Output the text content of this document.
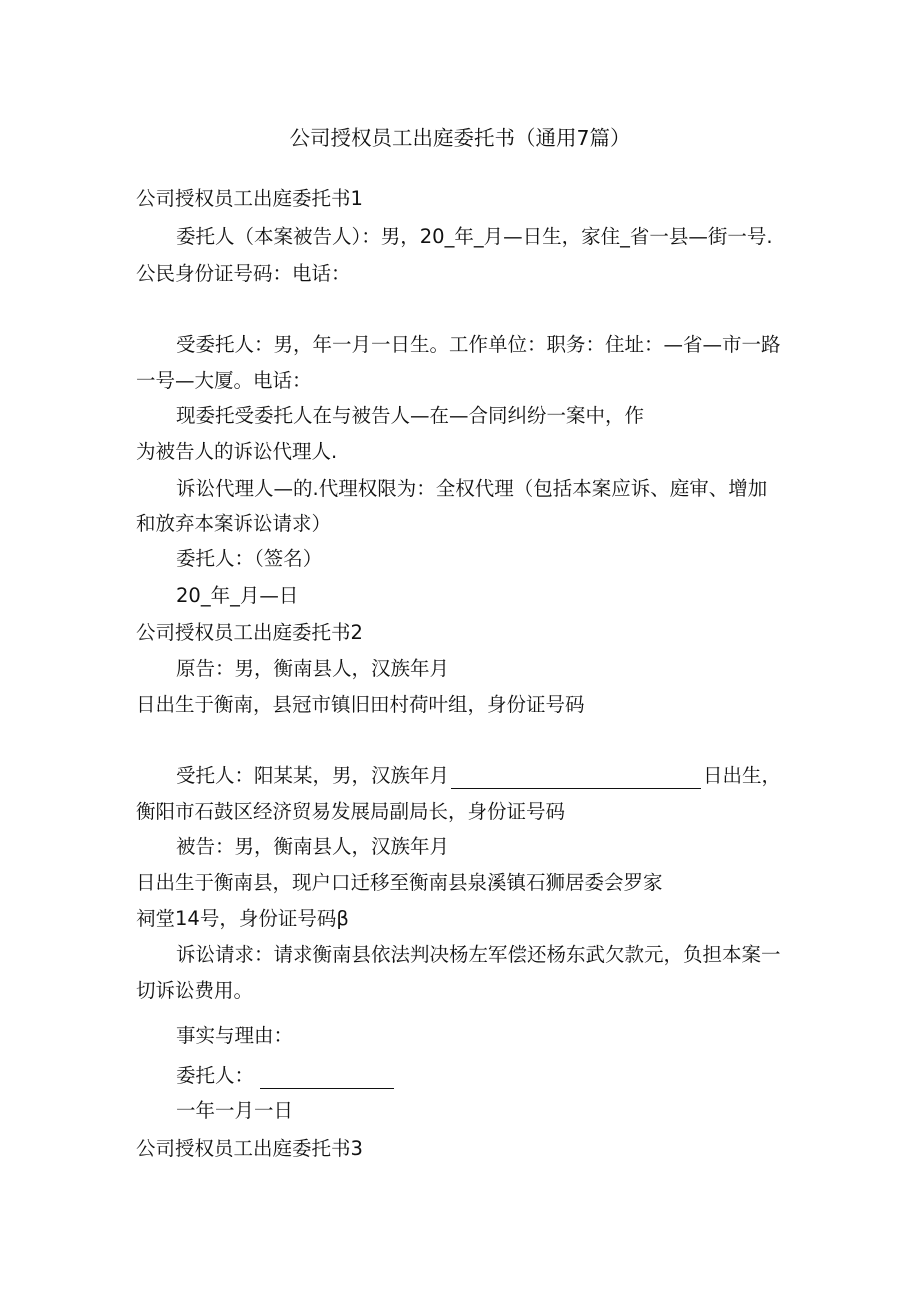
公司授权员工出庭委托书（通用7篇）
公司授权员工出庭委托书1
委托人（本案被告人）：男，20_年_月—日生，家住_省一县—街一号.
公民身份证号码：电话：
受委托人：男，年一月一日生。工作单位：职务：住址：—省—市一路
一号—大厦。电话：
现委托受委托人在与被告人—在—合同纠纷一案中，作
为被告人的诉讼代理人.
诉讼代理人—的.代理权限为：全权代理（包括本案应诉、庭审、增加
和放弃本案诉讼请求）
委托人：（签名）
20_年_月—日
公司授权员工出庭委托书2
原告：男，衡南县人，汉族年月
日出生于衡南，县冠市镇旧田村荷叶组，身份证号码
受托人：阳某某，男，汉族年月	日出生，
衡阳市石鼓区经济贸易发展局副局长，身份证号码
被告：男，衡南县人，汉族年月
日出生于衡南县，现户口迁移至衡南县泉溪镇石狮居委会罗家
祠堂14号，身份证号码β
诉讼请求：请求衡南县依法判决杨左军偿还杨东武欠款元，负担本案一
切诉讼费用。
事实与理由：
委托人：
一年一月一日
公司授权员工出庭委托书3
